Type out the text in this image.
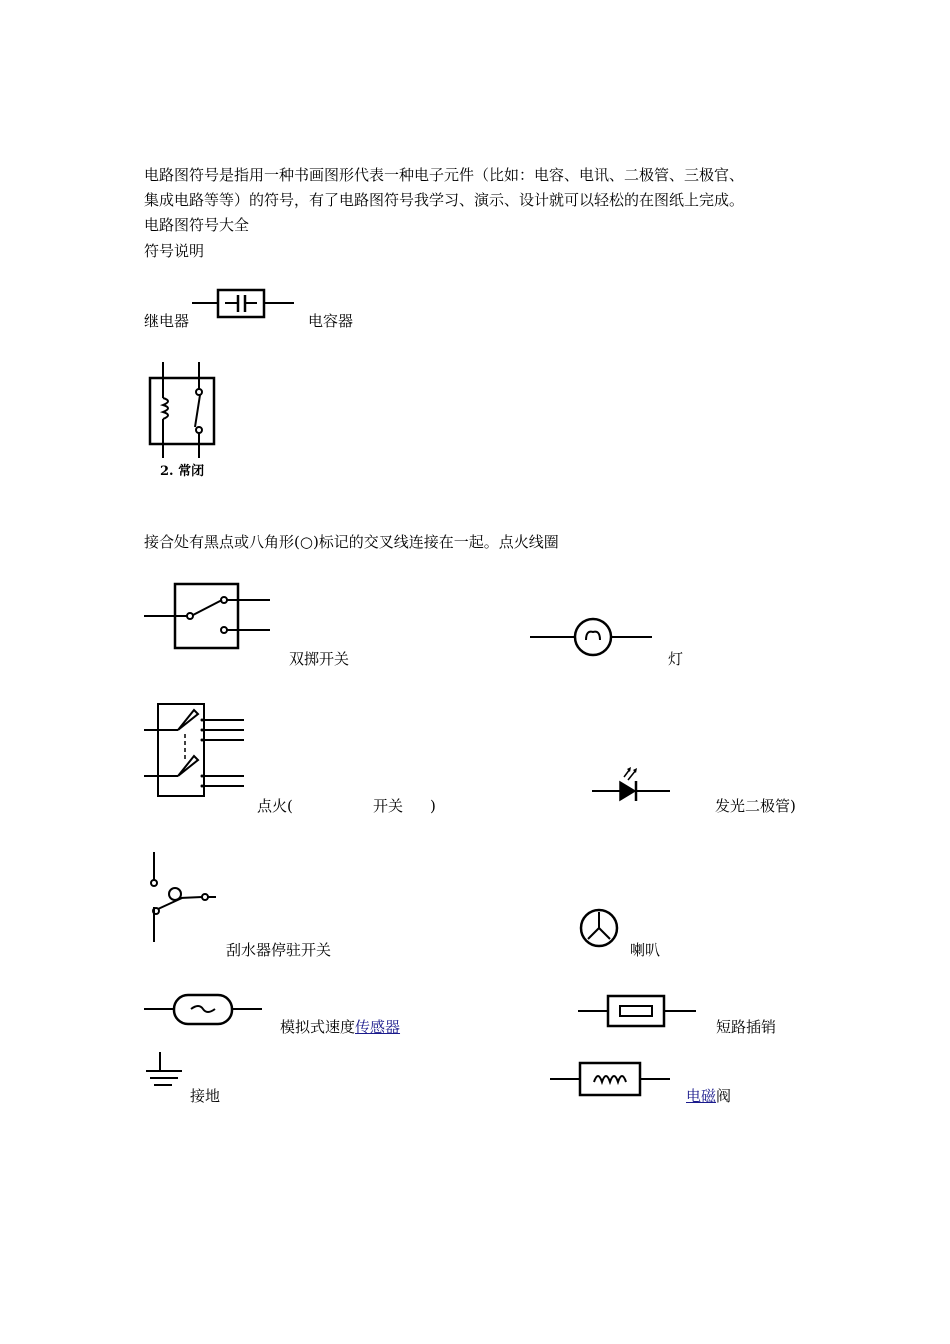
电路图符号是指用一种书画图形代表一种电子元件（比如：电容、电讯、二极管、三极官、
集成电路等等）的符号，有了电路图符号我学习、演示、设计就可以轻松的在图纸上完成。
电路图符号大全
符号说明
继电器	电容器
2. 常闭
接合处有黑点或八角形(○)标记的交叉线连接在一起。点火线圈
双掷开关	灯
点火(	开关 )	发光二极管)
刮水器停驻开关	喇叭
模拟式速度传感器	短路插销
接地	电磁阀
